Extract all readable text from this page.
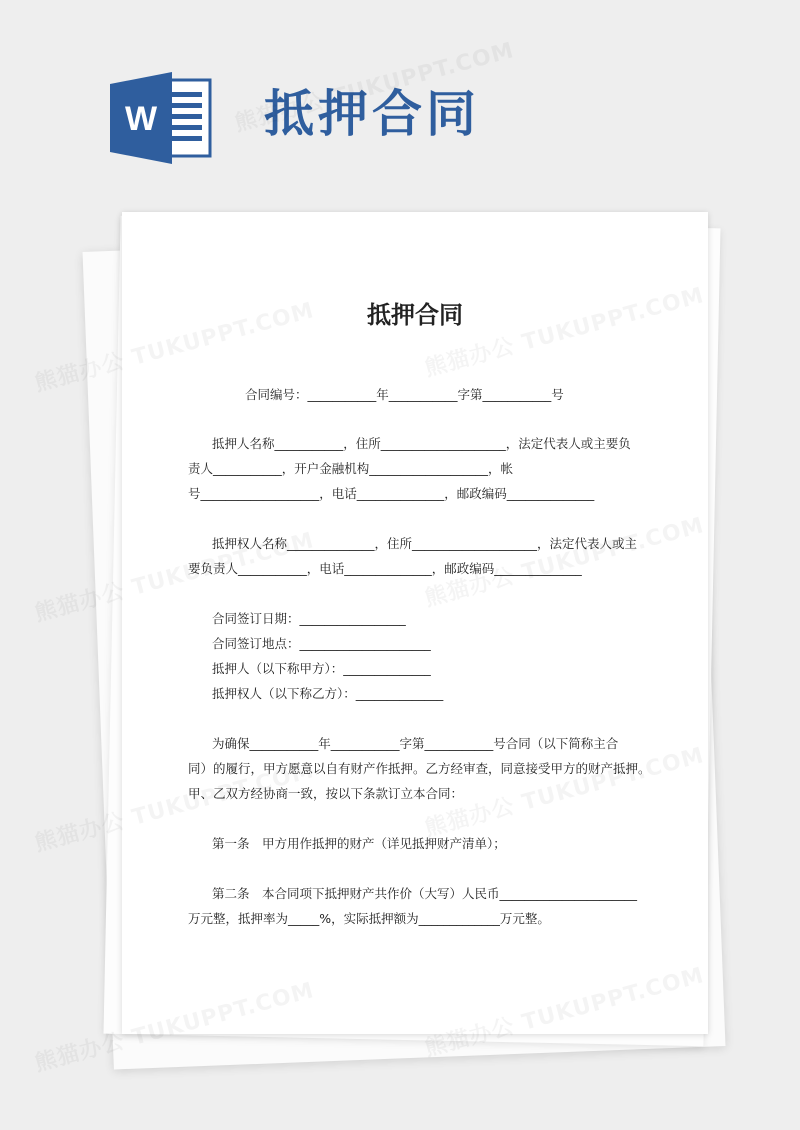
W 抵押合同
抵押合同

合同编号：___________年___________字第___________号

抵押人名称___________，住所____________________，法定代表人或主要负

责人___________，开户金融机构___________________，帐

号___________________，电话______________，邮政编码______________

抵押权人名称______________，住所____________________，法定代表人或主

要负责人___________，电话______________，邮政编码______________

合同签订日期：_________________

合同签订地点：_____________________

抵押人（以下称甲方）：______________

抵押权人（以下称乙方）：______________

为确保___________年___________字第___________号合同（以下简称主合

同）的履行，甲方愿意以自有财产作抵押。乙方经审查，同意接受甲方的财产抵押。

甲、乙双方经协商一致，按以下条款订立本合同：

第一条　甲方用作抵押的财产（详见抵押财产清单）；

第二条　本合同项下抵押财产共作价（大写）人民币______________________

万元整，抵押率为_____%，实际抵押额为_____________万元整。
